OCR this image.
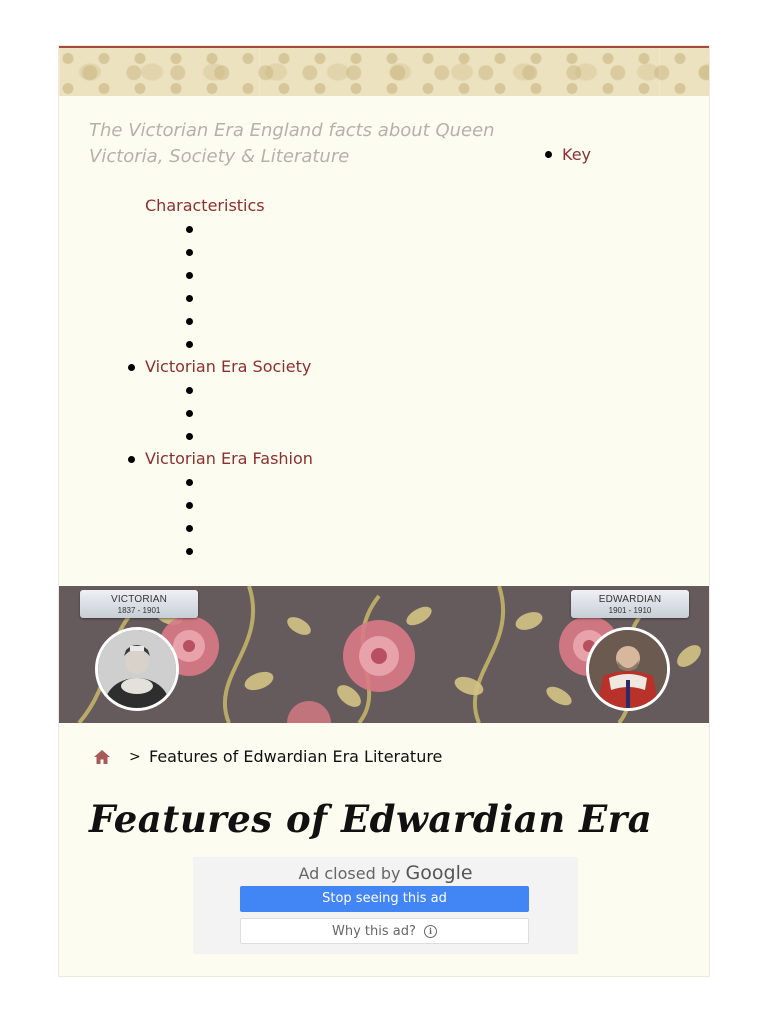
The Victorian Era England facts about Queen Victoria, Society & Literature	Key
Characteristics
Victorian Era Society
Victorian Era Fashion
VICTORIAN
1837 - 1901
EDWARDIAN
1901 - 1910
> Features of Edwardian Era Literature
Features of Edwardian Era
Ad closed by Google
Stop seeing this ad
Why this ad? i
